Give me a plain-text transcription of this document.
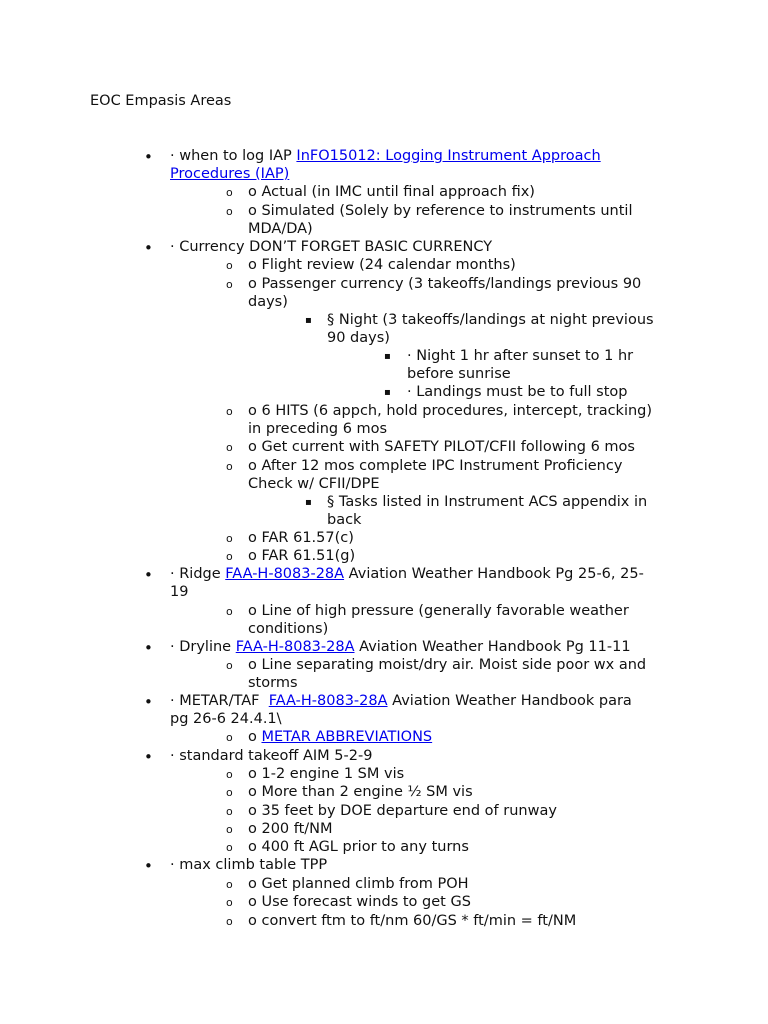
EOC Empasis Areas
• · when to log IAP InFO15012: Logging Instrument Approach
Procedures (IAP)
o o Actual (in IMC until final approach fix)
o o Simulated (Solely by reference to instruments until
MDA/DA)
• · Currency DON’T FORGET BASIC CURRENCY
o o Flight review (24 calendar months)
o o Passenger currency (3 takeoffs/landings previous 90
days)
▪ § Night (3 takeoffs/landings at night previous
90 days)
▪ · Night 1 hr after sunset to 1 hr
before sunrise
▪ · Landings must be to full stop
o o 6 HITS (6 appch, hold procedures, intercept, tracking)
in preceding 6 mos
o o Get current with SAFETY PILOT/CFII following 6 mos
o o After 12 mos complete IPC Instrument Proficiency
Check w/ CFII/DPE
▪ § Tasks listed in Instrument ACS appendix in
back
o o FAR 61.57(c)
o o FAR 61.51(g)
• · Ridge FAA-H-8083-28A Aviation Weather Handbook Pg 25-6, 25-
19
o o Line of high pressure (generally favorable weather
conditions)
• · Dryline FAA-H-8083-28A Aviation Weather Handbook Pg 11-11
o o Line separating moist/dry air. Moist side poor wx and
storms
• · METAR/TAF  FAA-H-8083-28A Aviation Weather Handbook para
pg 26-6 24.4.1\
o o METAR ABBREVIATIONS
• · standard takeoff AIM 5-2-9
o o 1-2 engine 1 SM vis
o o More than 2 engine ½ SM vis
o o 35 feet by DOE departure end of runway
o o 200 ft/NM
o o 400 ft AGL prior to any turns
• · max climb table TPP
o o Get planned climb from POH
o o Use forecast winds to get GS
o o convert ftm to ft/nm 60/GS * ft/min = ft/NM
